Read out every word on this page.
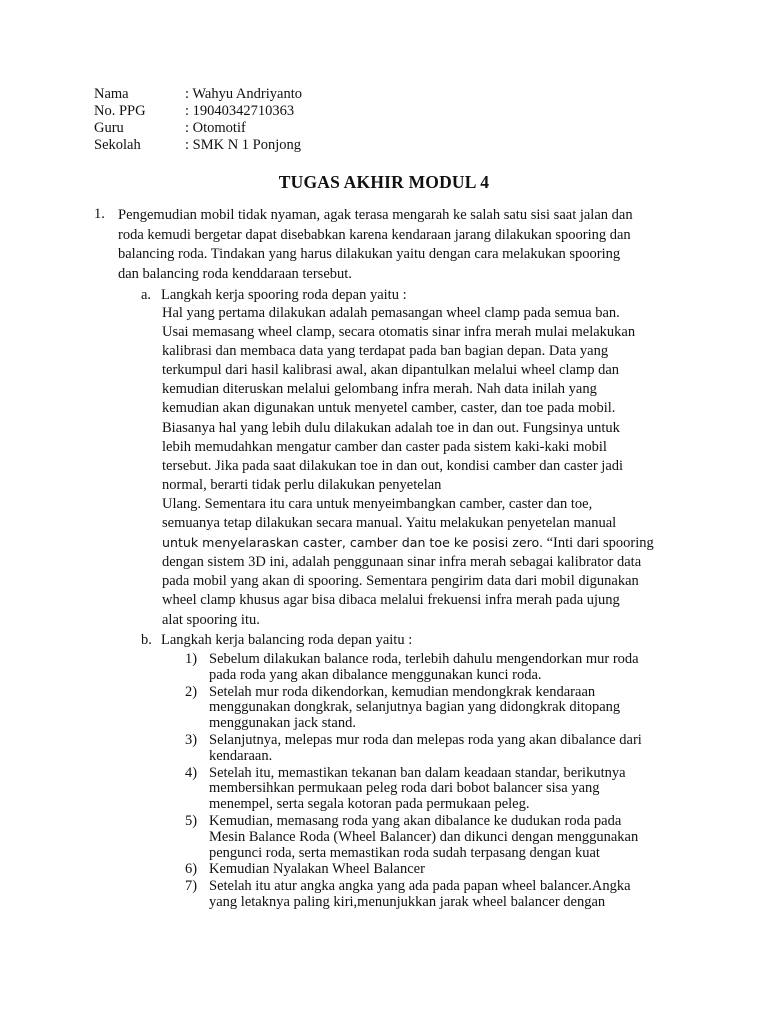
Nama	: Wahyu Andriyanto
No. PPG	: 19040342710363
Guru	: Otomotif
Sekolah	: SMK N 1 Ponjong
TUGAS AKHIR MODUL 4
1. Pengemudian mobil tidak nyaman, agak terasa mengarah ke salah satu sisi saat jalan dan
roda kemudi bergetar dapat disebabkan karena kendaraan jarang dilakukan spooring dan
balancing roda. Tindakan yang harus dilakukan yaitu dengan cara melakukan spooring
dan balancing roda kenddaraan tersebut.
a. Langkah kerja spooring roda depan yaitu :
Hal yang pertama dilakukan adalah pemasangan wheel clamp pada semua ban.
Usai memasang wheel clamp, secara otomatis sinar infra merah mulai melakukan
kalibrasi dan membaca data yang terdapat pada ban bagian depan. Data yang
terkumpul dari hasil kalibrasi awal, akan dipantulkan melalui wheel clamp dan
kemudian diteruskan melalui gelombang infra merah. Nah data inilah yang
kemudian akan digunakan untuk menyetel camber, caster, dan toe pada mobil.
Biasanya hal yang lebih dulu dilakukan adalah toe in dan out. Fungsinya untuk
lebih memudahkan mengatur camber dan caster pada sistem kaki-kaki mobil
tersebut. Jika pada saat dilakukan toe in dan out, kondisi camber dan caster jadi
normal, berarti tidak perlu dilakukan penyetelan
Ulang. Sementara itu cara untuk menyeimbangkan camber, caster dan toe,
semuanya tetap dilakukan secara manual. Yaitu melakukan penyetelan manual
untuk menyelaraskan caster, camber dan toe ke posisi zero. “Inti dari spooring
dengan sistem 3D ini, adalah penggunaan sinar infra merah sebagai kalibrator data
pada mobil yang akan di spooring. Sementara pengirim data dari mobil digunakan
wheel clamp khusus agar bisa dibaca melalui frekuensi infra merah pada ujung
alat spooring itu.
b. Langkah kerja balancing roda depan yaitu :
1) Sebelum dilakukan balance roda, terlebih dahulu mengendorkan mur roda
pada roda yang akan dibalance menggunakan kunci roda.
2) Setelah mur roda dikendorkan, kemudian mendongkrak kendaraan
menggunakan dongkrak, selanjutnya bagian yang didongkrak ditopang
menggunakan jack stand.
3) Selanjutnya, melepas mur roda dan melepas roda yang akan dibalance dari
kendaraan.
4) Setelah itu, memastikan tekanan ban dalam keadaan standar, berikutnya
membersihkan permukaan peleg roda dari bobot balancer sisa yang
menempel, serta segala kotoran pada permukaan peleg.
5) Kemudian, memasang roda yang akan dibalance ke dudukan roda pada
Mesin Balance Roda (Wheel Balancer) dan dikunci dengan menggunakan
pengunci roda, serta memastikan roda sudah terpasang dengan kuat
6) Kemudian Nyalakan Wheel Balancer
7) Setelah itu atur angka angka yang ada pada papan wheel balancer.Angka
yang letaknya paling kiri,menunjukkan jarak wheel balancer dengan
